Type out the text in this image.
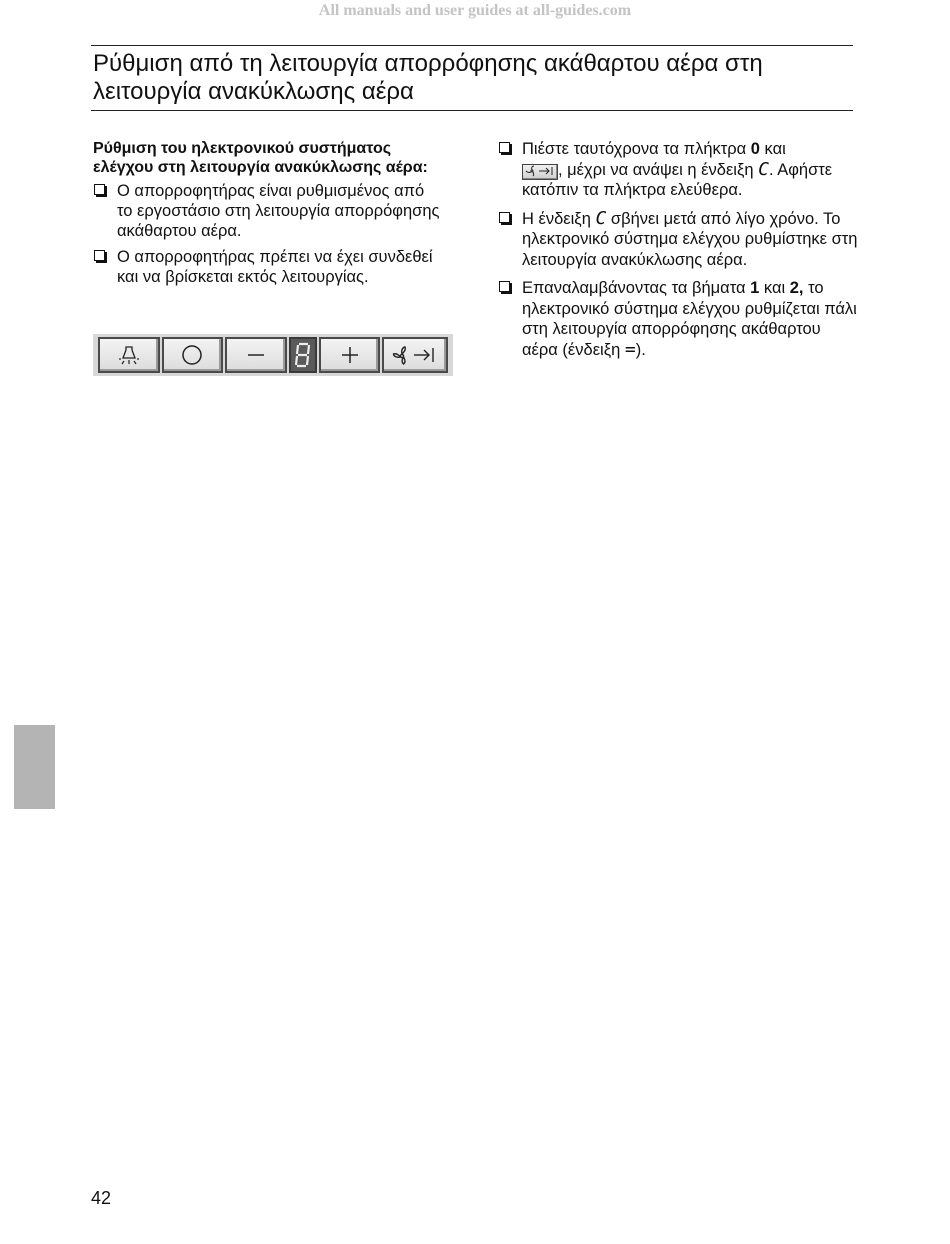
All manuals and user guides at all-guides.com
Ρύθμιση από τη λειτουργία απορρόφησης ακάθαρτου αέρα στη λειτουργία ανακύκλωσης αέρα

Ρύθμιση του ηλεκτρονικού συστήματος ελέγχου στη λειτουργία ανακύκλωσης αέρα:

Ο απορροφητήρας είναι ρυθμισμένος από το εργοστάσιο στη λειτουργία απορρόφησης ακάθαρτου αέρα.
Ο απορροφητήρας πρέπει να έχει συνδεθεί και να βρίσκεται εκτός λειτουργίας.
Πιέστε ταυτόχρονα τα πλήκτρα 0 και
, μέχρι να ανάψει η ένδειξη C. Αφήστε κατόπιν τα πλήκτρα ελεύθερα.
Η ένδειξη C σβήνει μετά από λίγο χρόνο. Το ηλεκτρονικό σύστημα ελέγχου ρυθμίστηκε στη λειτουργία ανακύκλωσης αέρα.
Επαναλαμβάνοντας τα βήματα 1 και 2, το ηλεκτρονικό σύστημα ελέγχου ρυθμίζεται πάλι στη λειτουργία απορρόφησης ακάθαρτου αέρα (ένδειξη =).
42
